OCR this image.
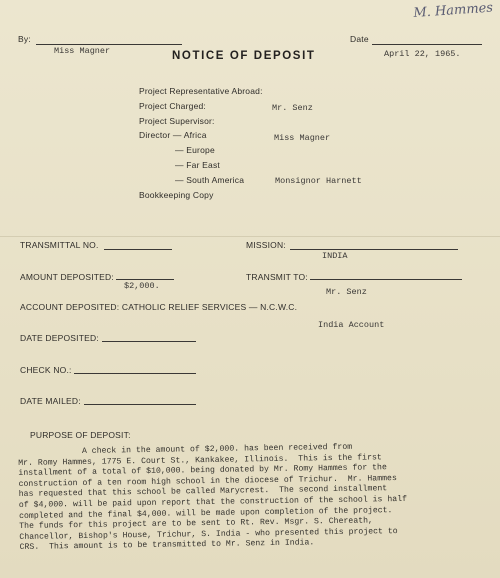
M. Hammes
By:
Miss Magner
Date
April 22, 1965.
NOTICE OF DEPOSIT
Project Representative Abroad:
Project Charged:	Mr. Senz
Project Supervisor:
Director — Africa	Miss Magner
— Europe
— Far East
— South America	Monsignor Harnett
Bookkeeping Copy
TRANSMITTAL NO.	MISSION:
INDIA
AMOUNT DEPOSITED:
$2,000.
TRANSMIT TO:
Mr. Senz
ACCOUNT DEPOSITED: CATHOLIC RELIEF SERVICES — N.C.W.C.
India Account
DATE DEPOSITED:
CHECK NO.:
DATE MAILED:
PURPOSE OF DEPOSIT:
A check in the amount of $2,000. has been received from
Mr. Romy Hammes, 1775 E. Court St., Kankakee, Illinois.  This is the first
installment of a total of $10,000. being donated by Mr. Romy Hammes for the
construction of a ten room high school in the diocese of Trichur.  Mr. Hammes
has requested that this school be called Marycrest.  The second installment
of $4,000. will be paid upon report that the construction of the school is half
completed and the final $4,000. will be made upon completion of the project.
The funds for this project are to be sent to Rt. Rev. Msgr. S. Chereath,
Chancellor, Bishop's House, Trichur, S. India - who presented this project to
CRS.  This amount is to be transmitted to Mr. Senz in India.
